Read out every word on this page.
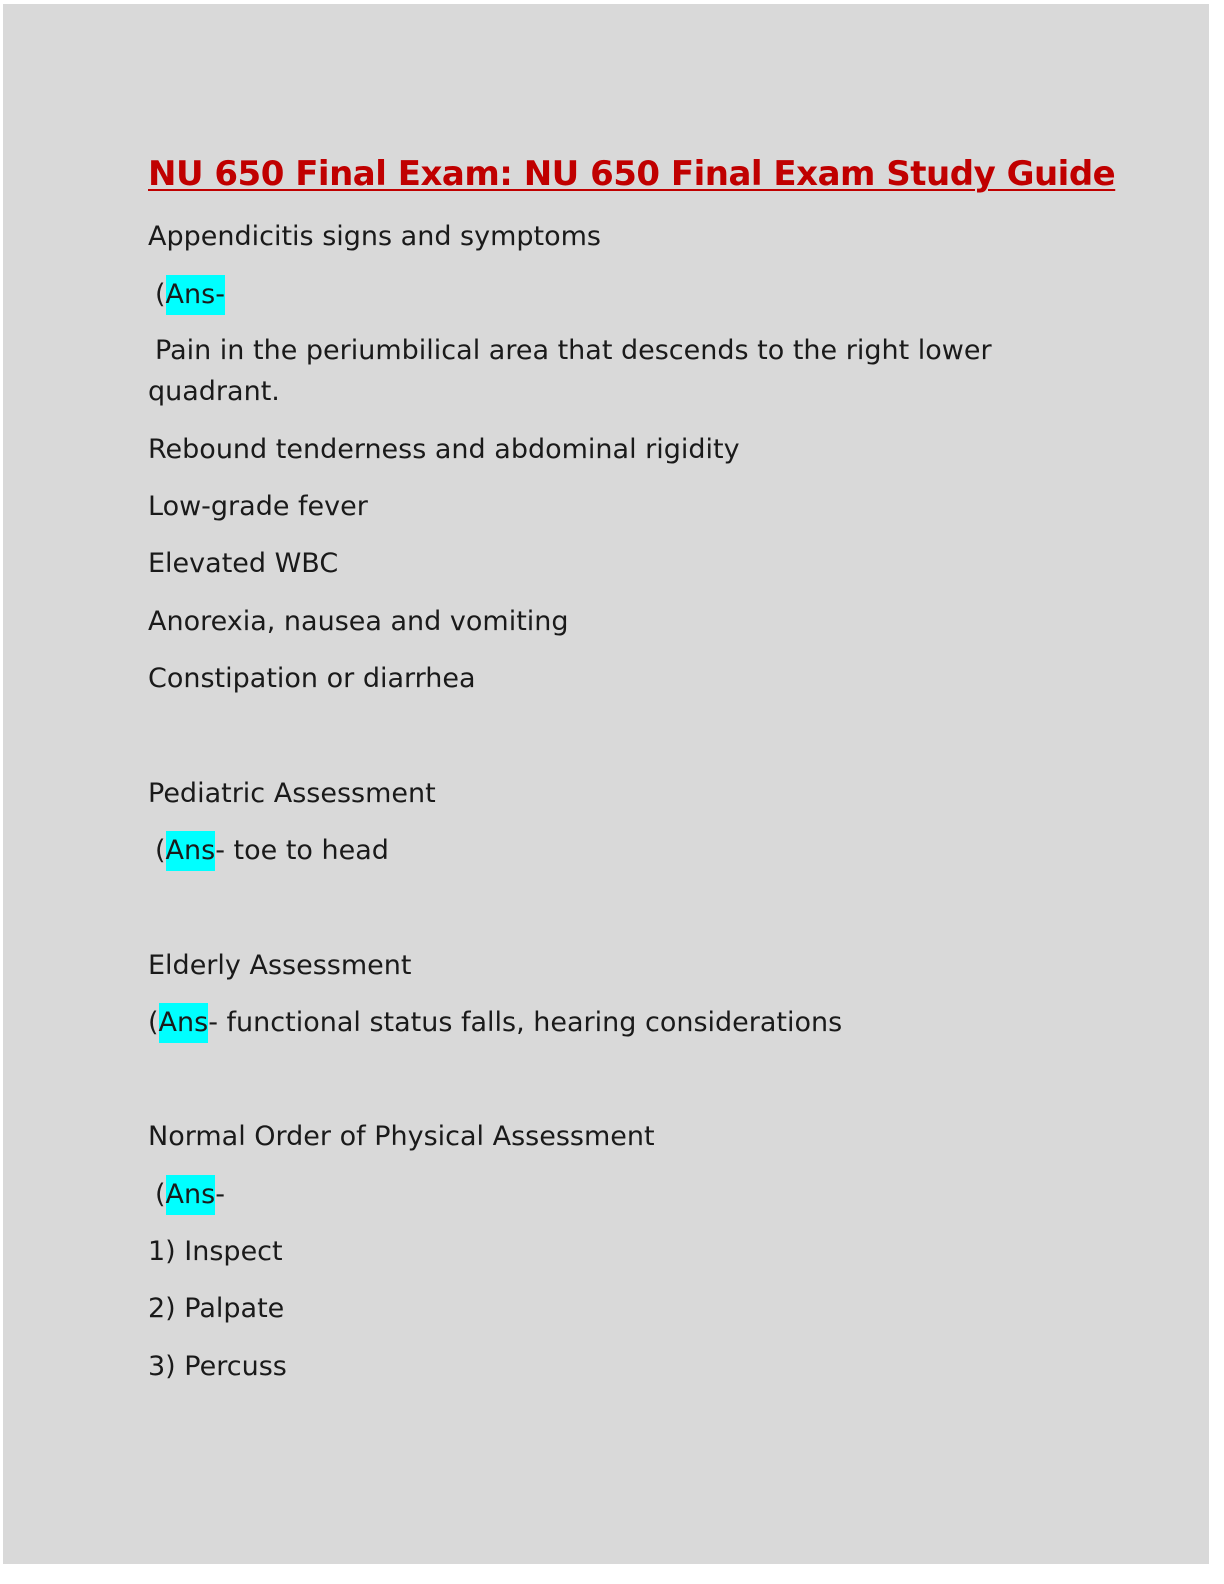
NU 650 Final Exam: NU 650 Final Exam Study Guide

Appendicitis signs and symptoms

(Ans-

Pain in the periumbilical area that descends to the right lower

quadrant.

Rebound tenderness and abdominal rigidity

Low-grade fever

Elevated WBC

Anorexia, nausea and vomiting

Constipation or diarrhea

Pediatric Assessment

(Ans- toe to head

Elderly Assessment

(Ans- functional status falls, hearing considerations

Normal Order of Physical Assessment

(Ans-

1) Inspect

2) Palpate

3) Percuss
